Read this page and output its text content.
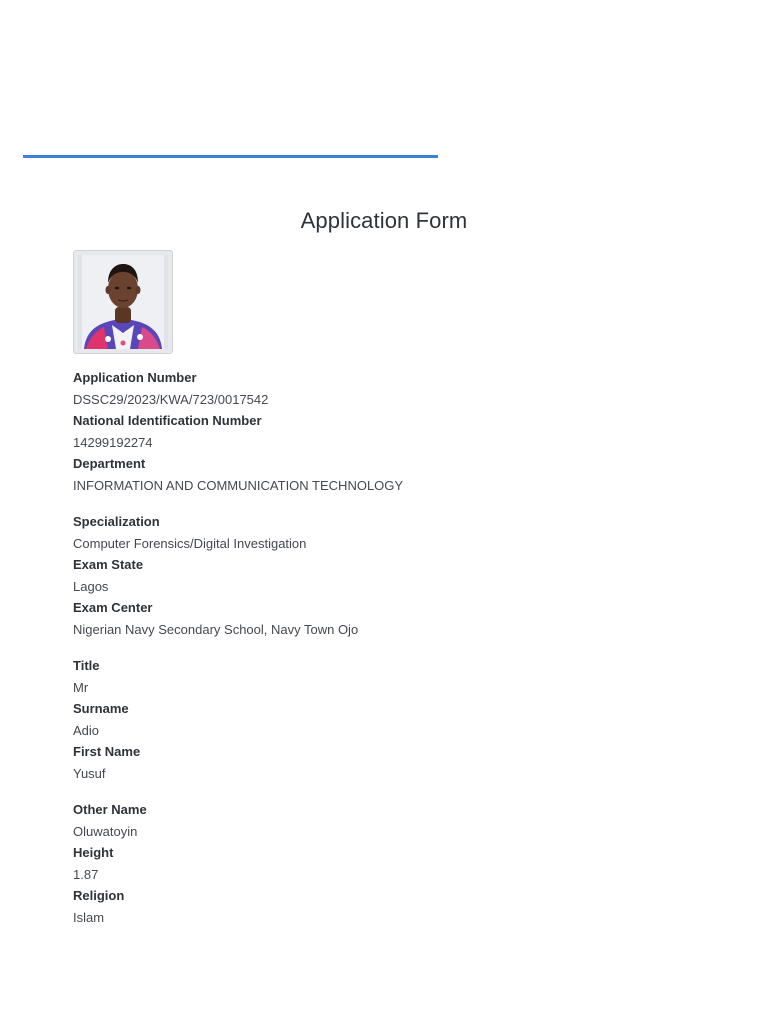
Application Form
Application Number
DSSC29/2023/KWA/723/0017542
National Identification Number
14299192274
Department
INFORMATION AND COMMUNICATION TECHNOLOGY
Specialization
Computer Forensics/Digital Investigation
Exam State
Lagos
Exam Center
Nigerian Navy Secondary School, Navy Town Ojo
Title
Mr
Surname
Adio
First Name
Yusuf
Other Name
Oluwatoyin
Height
1.87
Religion
Islam
